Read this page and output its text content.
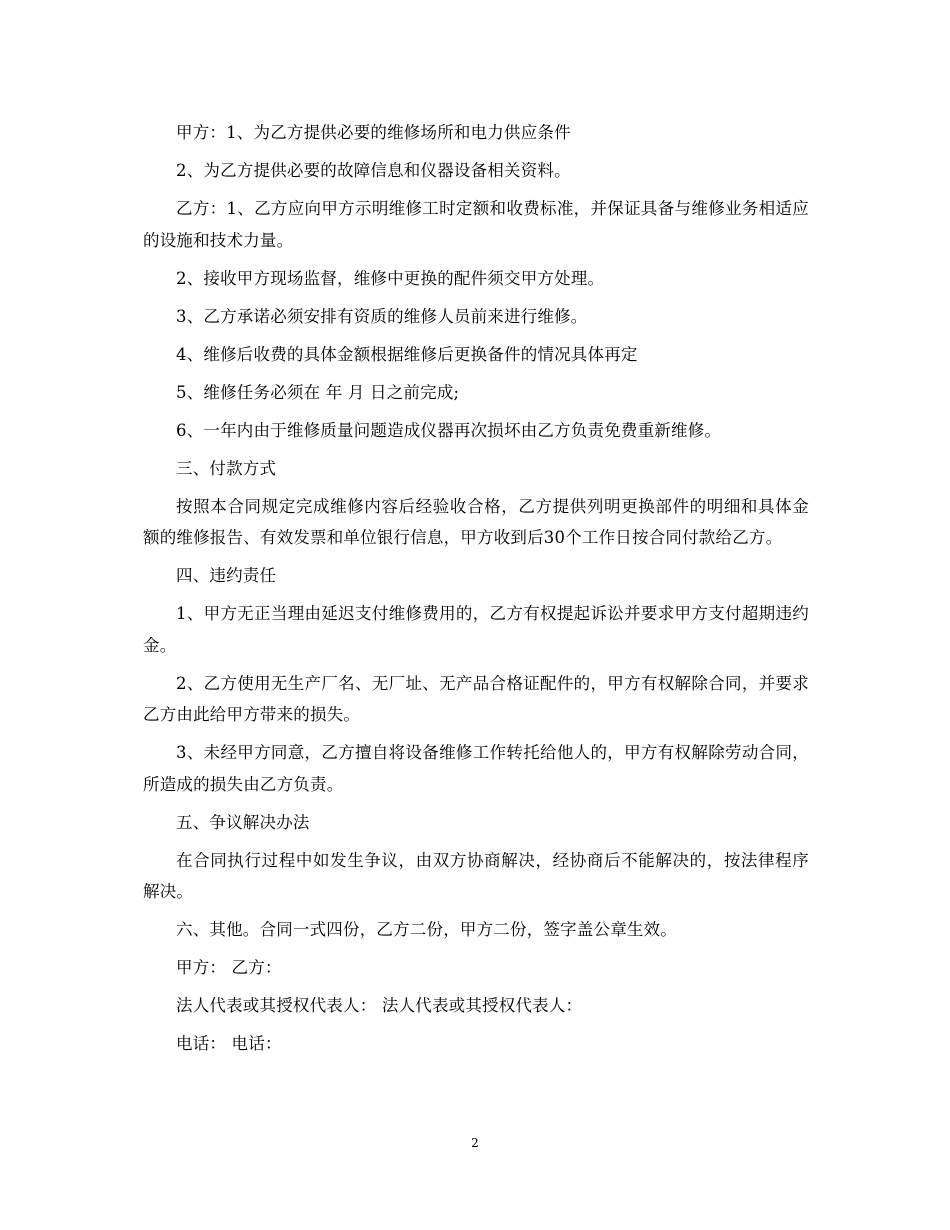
甲方：1、为乙方提供必要的维修场所和电力供应条件

2、为乙方提供必要的故障信息和仪器设备相关资料。

乙方：1、乙方应向甲方示明维修工时定额和收费标准，并保证具备与维修业务相适应的设施和技术力量。

2、接收甲方现场监督，维修中更换的配件须交甲方处理。

3、乙方承诺必须安排有资质的维修人员前来进行维修。

4、维修后收费的具体金额根据维修后更换备件的情况具体再定

5、维修任务必须在 年 月 日之前完成;

6、一年内由于维修质量问题造成仪器再次损坏由乙方负责免费重新维修。

三、付款方式

按照本合同规定完成维修内容后经验收合格，乙方提供列明更换部件的明细和具体金额的维修报告、有效发票和单位银行信息，甲方收到后30个工作日按合同付款给乙方。

四、违约责任

1、甲方无正当理由延迟支付维修费用的，乙方有权提起诉讼并要求甲方支付超期违约金。

2、乙方使用无生产厂名、无厂址、无产品合格证配件的，甲方有权解除合同，并要求乙方由此给甲方带来的损失。

3、未经甲方同意，乙方擅自将设备维修工作转托给他人的，甲方有权解除劳动合同，所造成的损失由乙方负责。

五、争议解决办法

在合同执行过程中如发生争议，由双方协商解决，经协商后不能解决的，按法律程序解决。

六、其他。合同一式四份，乙方二份，甲方二份，签字盖公章生效。

甲方： 乙方：

法人代表或其授权代表人： 法人代表或其授权代表人：

电话： 电话：

2
